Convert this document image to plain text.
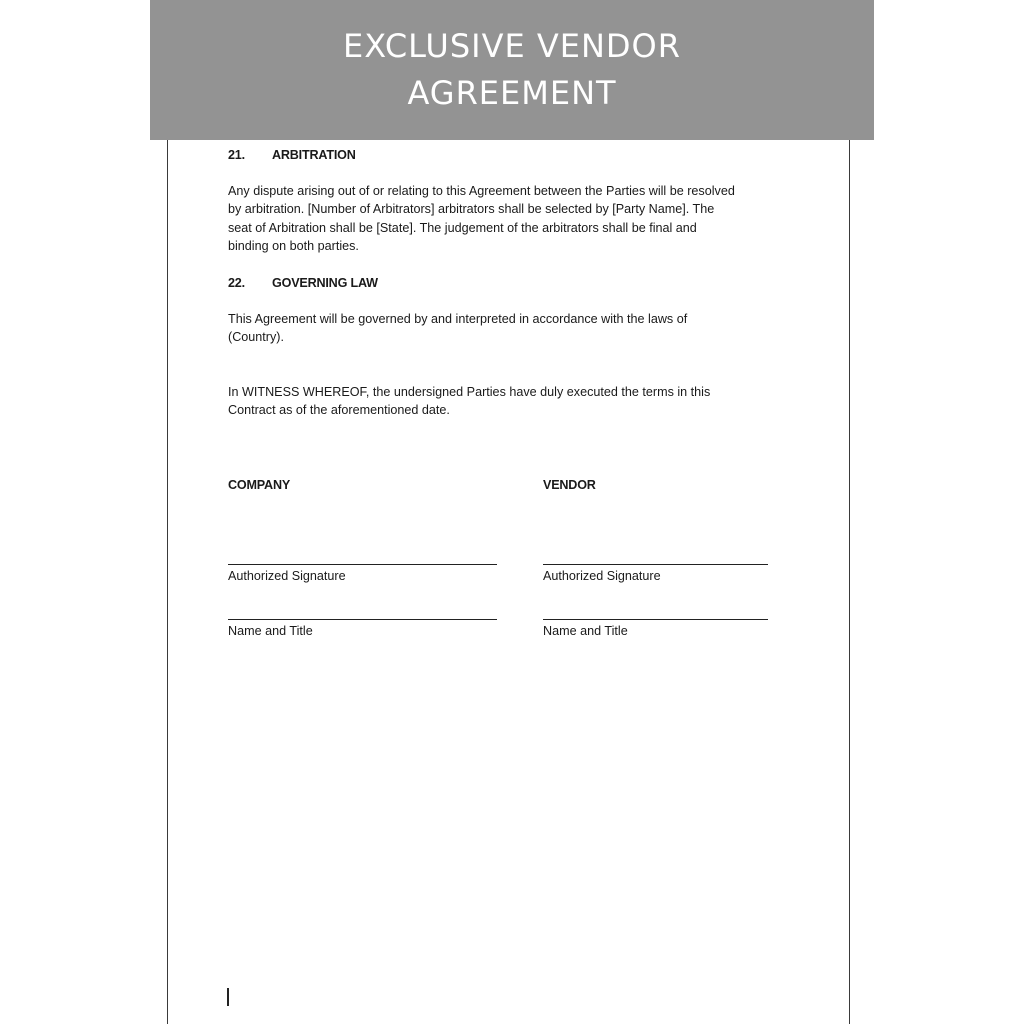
EXCLUSIVE VENDOR
AGREEMENT
21. ARBITRATION
Any dispute arising out of or relating to this Agreement between the Parties will be resolved
by arbitration. [Number of Arbitrators] arbitrators shall be selected by [Party Name]. The
seat of Arbitration shall be [State]. The judgement of the arbitrators shall be final and
binding on both parties.
22. GOVERNING LAW
This Agreement will be governed by and interpreted in accordance with the laws of
(Country).
In WITNESS WHEREOF, the undersigned Parties have duly executed the terms in this
Contract as of the aforementioned date.
COMPANY
Authorized Signature
Name and Title
VENDOR
Authorized Signature
Name and Title
